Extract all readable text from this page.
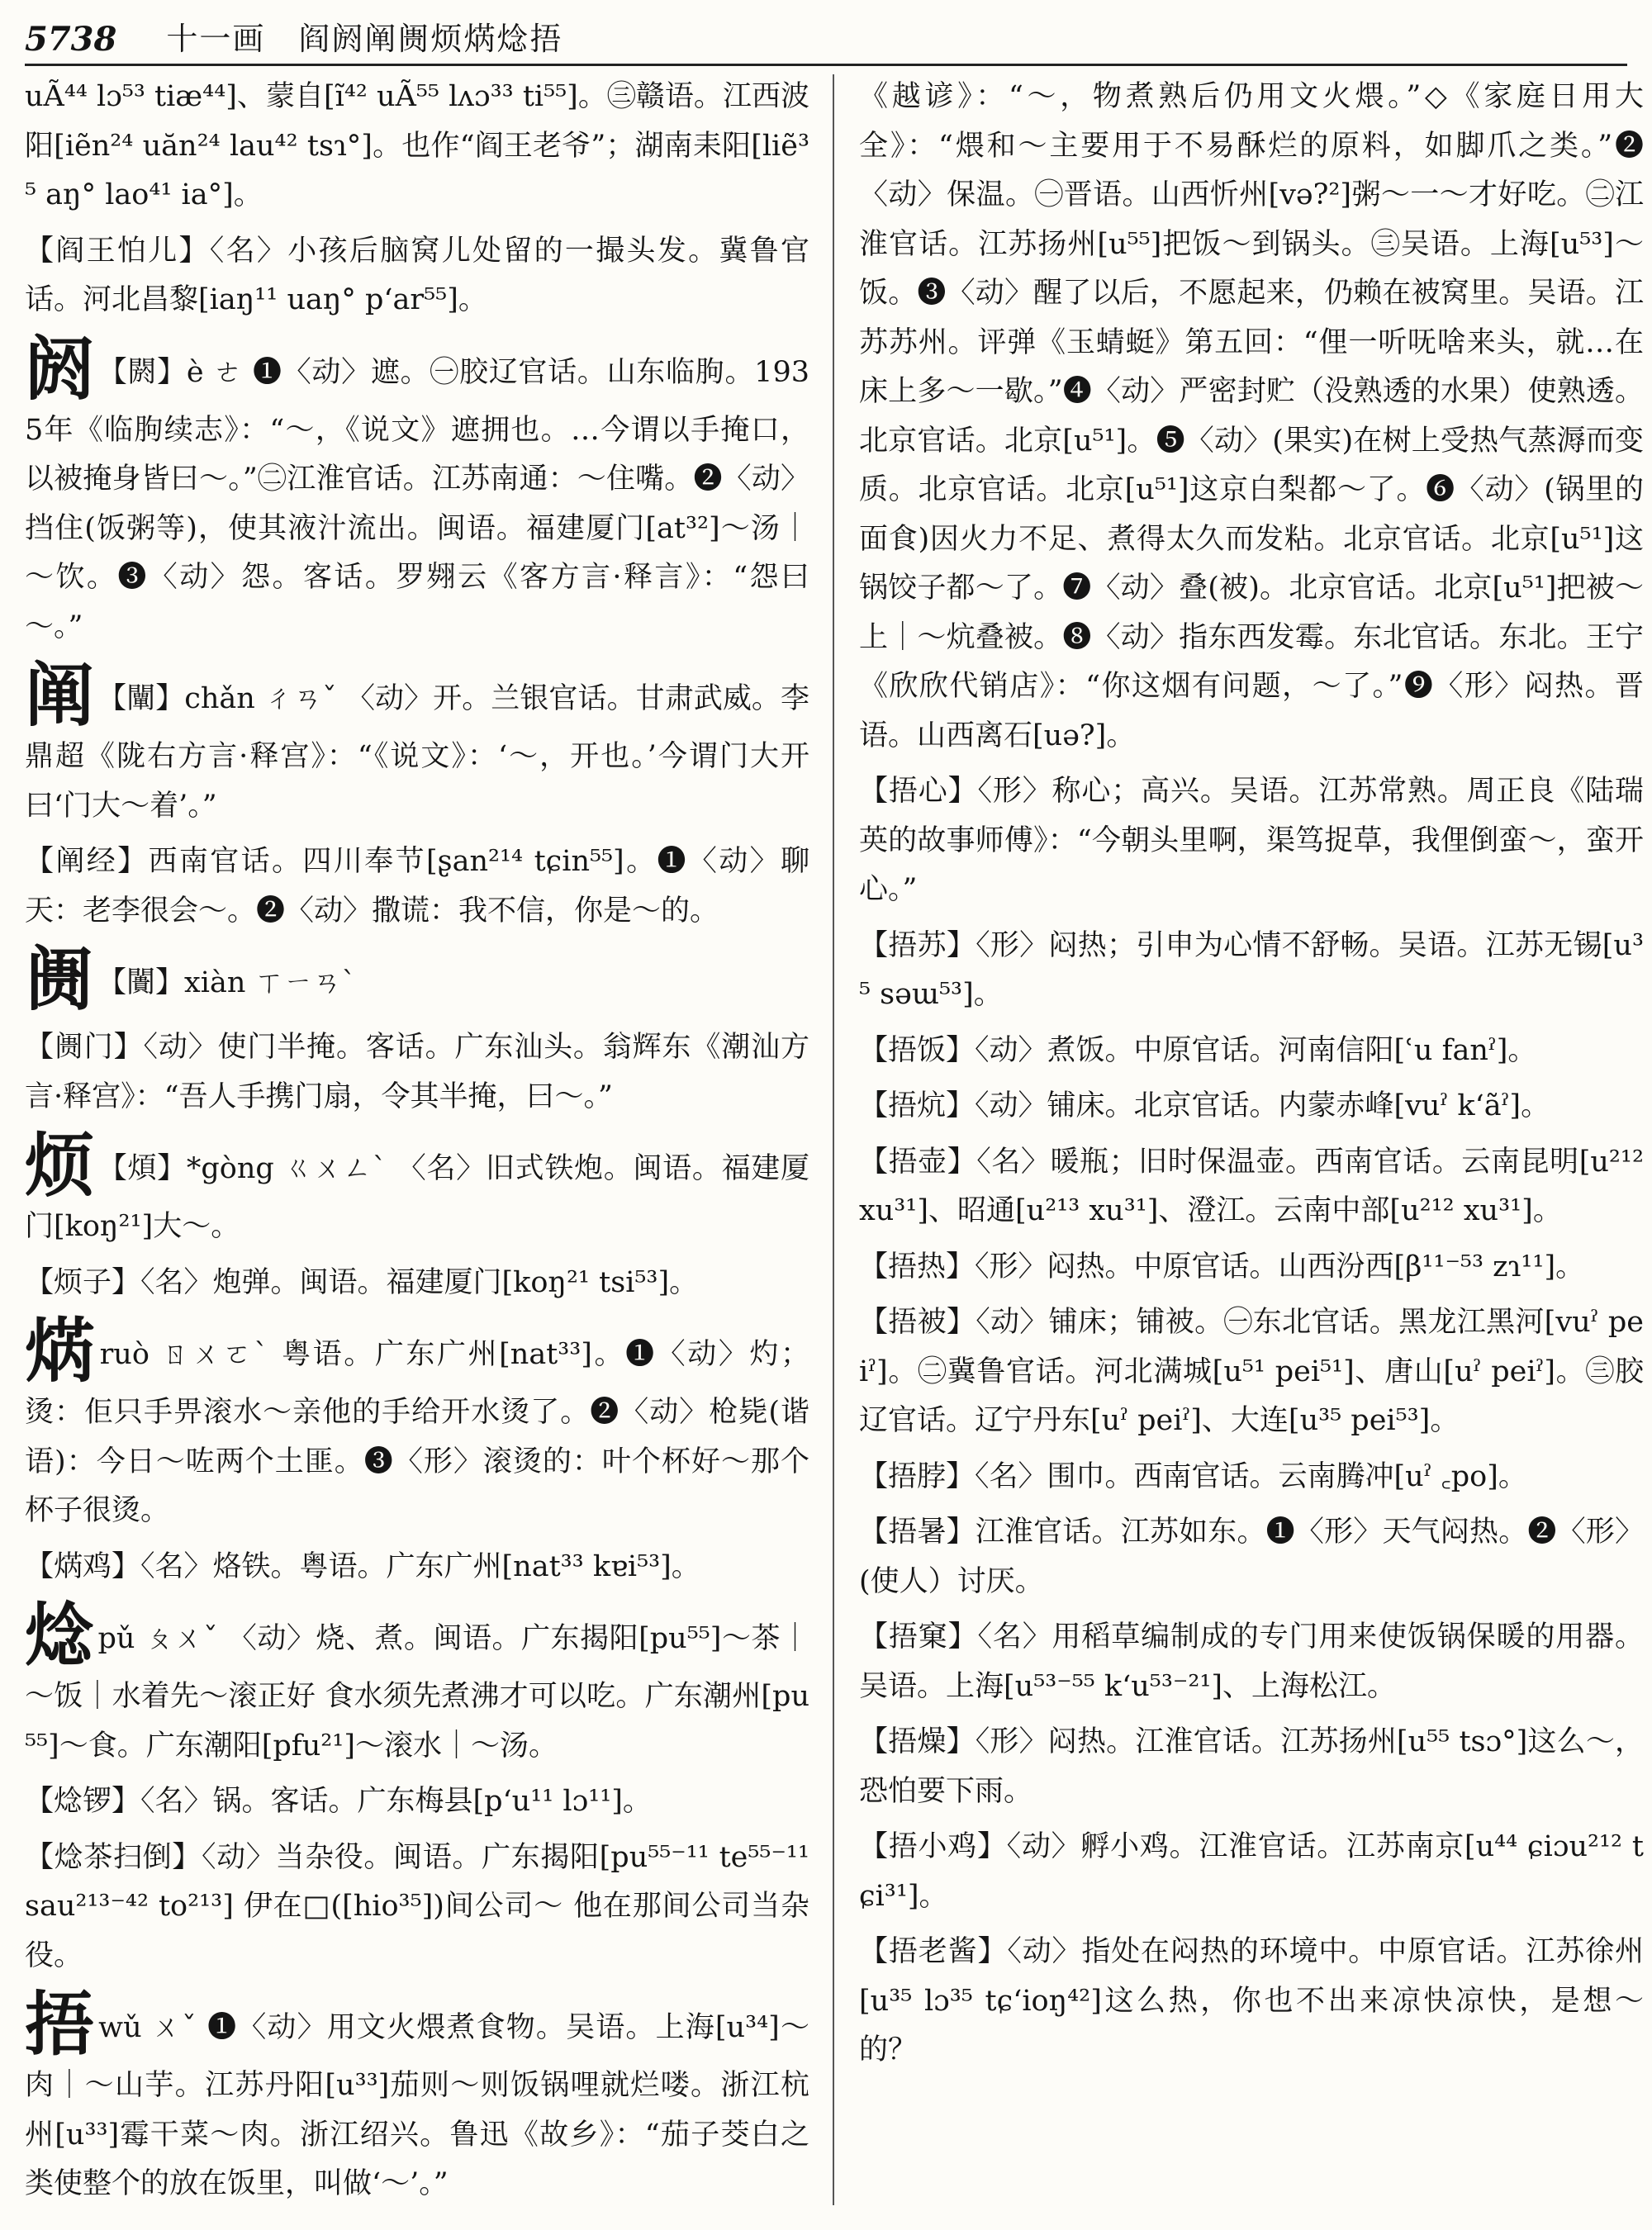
5738 十一画　阎阏阐阓烦焫焾捂

uÃ⁴⁴ lɔ⁵³ tiæ⁴⁴]、蒙自[ĩ⁴² uÃ⁵⁵ lʌɔ³³ ti⁵⁵]。㊂赣语。江西波阳[iẽn²⁴ uăn²⁴ lau⁴² tsɿ°]。也作“阎王老爷”；湖南耒阳[liẽ³⁵ aŋ° lao⁴¹ ia°]。

【阎王怕儿】〈名〉小孩后脑窝儿处留的一撮头发。冀鲁官话。河北昌黎[iaŋ¹¹ uaŋ° p‘ar⁵⁵]。

阏 【閼】è ㄜ ❶〈动〉遮。㊀胶辽官话。山东临朐。1935年《临朐续志》：“～，《说文》遮拥也。…今谓以手掩口，以被掩身皆曰～。”㊁江淮官话。江苏南通：～住嘴。❷〈动〉挡住(饭粥等)，使其液汁流出。闽语。福建厦门[at³²]～汤｜～饮。❸〈动〉怨。客话。罗翙云《客方言·释言》：“怨曰～。”

阐 【闡】chǎn ㄔㄢˇ 〈动〉开。兰银官话。甘肃武威。李鼎超《陇右方言·释宫》：“《说文》：‘～，开也。’今谓门大开曰‘门大～着’。”

【阐经】西南官话。四川奉节[ʂan²¹⁴ tɕin⁵⁵]。❶〈动〉聊天：老李很会～。❷〈动〉撒谎：我不信，你是～的。

阓 【闠】xiàn ㄒㄧㄢˋ

【阓门】〈动〉使门半掩。客话。广东汕头。翁辉东《潮汕方言·释宫》：“吾人手携门扇，令其半掩，曰～。”

烦 【煩】*gòng ㄍㄨㄥˋ 〈名〉旧式铁炮。闽语。福建厦门[koŋ²¹]大～。

【烦子】〈名〉炮弹。闽语。福建厦门[koŋ²¹ tsi⁵³]。

焫ruò ㄖㄨㄛˋ 粤语。广东广州[nat³³]。❶〈动〉灼；烫：佢只手畀滚水～亲他的手给开水烫了。❷〈动〉枪毙(谐语)：今日～咗两个土匪。❸〈形〉滚烫的：叶个杯好～那个杯子很烫。

【焫鸡】〈名〉烙铁。粤语。广东广州[nat³³ kɐi⁵³]。

焾pǔ ㄆㄨˇ 〈动〉烧、煮。闽语。广东揭阳[pu⁵⁵]～茶｜～饭｜水着先～滚正好 食水须先煮沸才可以吃。广东潮州[pu⁵⁵]～食。广东潮阳[pfu²¹]～滚水｜～汤。

【焾锣】〈名〉锅。客话。广东梅县[p‘u¹¹ lɔ¹¹]。

【焾茶扫倒】〈动〉当杂役。闽语。广东揭阳[pu⁵⁵⁻¹¹ te⁵⁵⁻¹¹ sau²¹³⁻⁴² to²¹³] 伊在□([hio³⁵])间公司～ 他在那间公司当杂役。

捂wǔ ㄨˇ ❶〈动〉用文火煨煮食物。吴语。上海[u³⁴]～肉｜～山芋。江苏丹阳[u³³]茄则～则饭锅哩就烂喽。浙江杭州[u³³]霉干菜～肉。浙江绍兴。鲁迅《故乡》：“茄子茭白之类使整个的放在饭里，叫做‘～’。”

《越谚》：“～，物煮熟后仍用文火煨。”◇《家庭日用大全》：“煨和～主要用于不易酥烂的原料，如脚爪之类。”❷〈动〉保温。㊀晋语。山西忻州[və?²]粥～一～才好吃。㊁江淮官话。江苏扬州[u⁵⁵]把饭～到锅头。㊂吴语。上海[u⁵³]～饭。❸〈动〉醒了以后，不愿起来，仍赖在被窝里。吴语。江苏苏州。评弹《玉蜻蜓》第五回：“俚一听呒啥来头，就…在床上多～一歇。”❹〈动〉严密封贮（没熟透的水果）使熟透。北京官话。北京[u⁵¹]。❺〈动〉(果实)在树上受热气蒸溽而变质。北京官话。北京[u⁵¹]这京白梨都～了。❻〈动〉(锅里的面食)因火力不足、煮得太久而发粘。北京官话。北京[u⁵¹]这锅饺子都～了。❼〈动〉叠(被)。北京官话。北京[u⁵¹]把被～上｜～炕叠被。❽〈动〉指东西发霉。东北官话。东北。王宁《欣欣代销店》：“你这烟有问题，～了。”❾〈形〉闷热。晋语。山西离石[uə?]。

【捂心】〈形〉称心；高兴。吴语。江苏常熟。周正良《陆瑞英的故事师傅》：“今朝头里啊，渠笃捉草，我俚倒蛮～，蛮开心。”

【捂苏】〈形〉闷热；引申为心情不舒畅。吴语。江苏无锡[u³⁵ səɯ⁵³]。

【捂饭】〈动〉煮饭。中原官话。河南信阳[ʿu fanˀ]。

【捂炕】〈动〉铺床。北京官话。内蒙赤峰[vuˀ k‘ãˀ]。

【捂壶】〈名〉暖瓶；旧时保温壶。西南官话。云南昆明[u²¹² xu³¹]、昭通[u²¹³ xu³¹]、澄江。云南中部[u²¹² xu³¹]。

【捂热】〈形〉闷热。中原官话。山西汾西[β¹¹⁻⁵³ zɿ¹¹]。

【捂被】〈动〉铺床；铺被。㊀东北官话。黑龙江黑河[vuˀ peiˀ]。㊁冀鲁官话。河北满城[u⁵¹ pei⁵¹]、唐山[uˀ peiˀ]。㊂胶辽官话。辽宁丹东[uˀ peiˀ]、大连[u³⁵ pei⁵³]。

【捂脖】〈名〉围巾。西南官话。云南腾冲[uˀ ꜀po]。

【捂暑】江淮官话。江苏如东。❶〈形〉天气闷热。❷〈形〉(使人）讨厌。

【捂窠】〈名〉用稻草编制成的专门用来使饭锅保暖的用器。吴语。上海[u⁵³⁻⁵⁵ k‘u⁵³⁻²¹]、上海松江。

【捂燥】〈形〉闷热。江淮官话。江苏扬州[u⁵⁵ tsɔ°]这么～，恐怕要下雨。

【捂小鸡】〈动〉孵小鸡。江淮官话。江苏南京[u⁴⁴ ɕiɔu²¹² tɕi³¹]。

【捂老酱】〈动〉指处在闷热的环境中。中原官话。江苏徐州[u³⁵ lɔ³⁵ tɕ‘ioŋ⁴²]这么热，你也不出来凉快凉快，是想～的？
